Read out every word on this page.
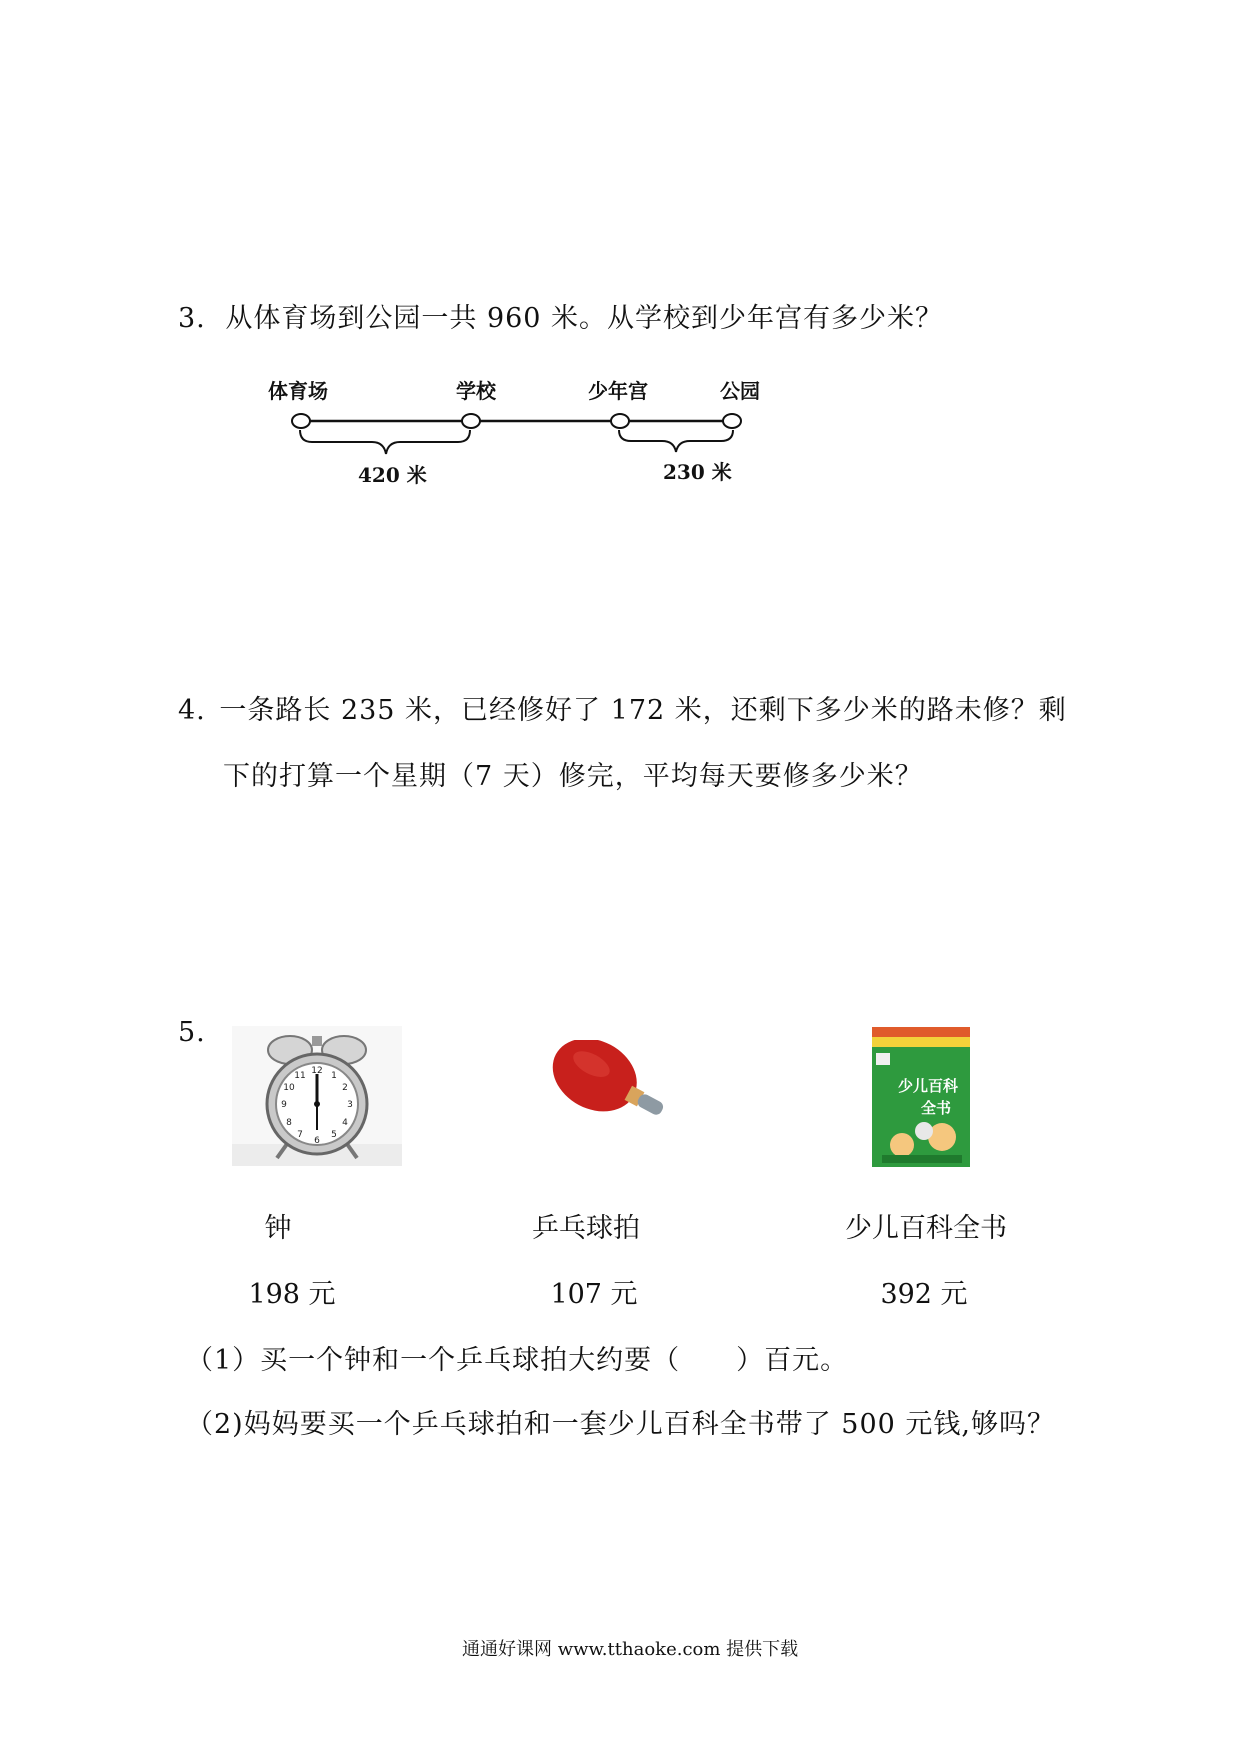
3. 从体育场到公园一共 960 米。从学校到少年宫有多少米？
体育场	学校	少年宫	公园
420 米	230 米
4. 一条路长 235 米，已经修好了 172 米，还剩下多少米的路未修？剩
下的打算一个星期（7 天）修完，平均每天要修多少米？
5.
12
6
3
9
1
2
4
5
7
8
10
11
少儿百科
全书
钟	乒乓球拍	少儿百科全书
198 元	107 元	392 元
（1）买一个钟和一个乒乓球拍大约要（　　）百元。
（2)妈妈要买一个乒乓球拍和一套少儿百科全书带了 500 元钱,够吗？
通通好课网 www.tthaoke.com 提供下载
